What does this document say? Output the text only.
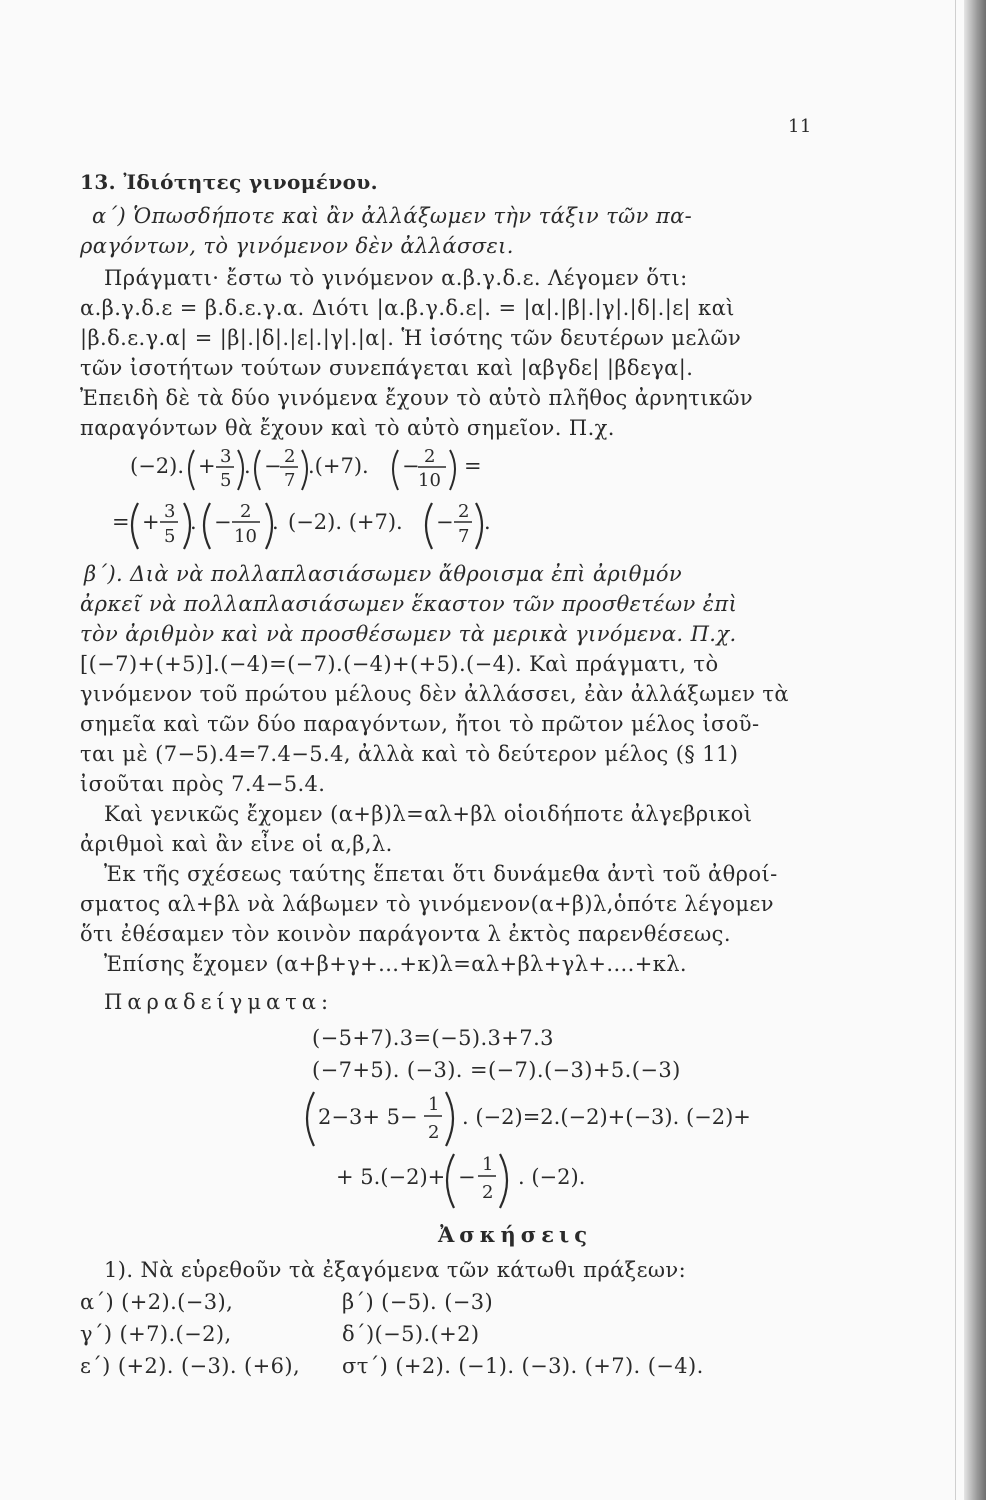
11
13. Ἰδιότητες γινομένου.
α΄) Ὁπωσδήποτε καὶ ἂν ἀλλάξωμεν τὴν τάξιν τῶν πα-
ραγόντων, τὸ γινόμενον δὲν ἀλλάσσει.
Πράγματι· ἔστω τὸ γινόμενον α.β.γ.δ.ε. Λέγομεν ὅτι:
α.β.γ.δ.ε = β.δ.ε.γ.α. Διότι |α.β.γ.δ.ε|. = |α|.|β|.|γ|.|δ|.|ε| καὶ
|β.δ.ε.γ.α| = |β|.|δ|.|ε|.|γ|.|α|. Ἡ ἰσότης τῶν δευτέρων μελῶν
τῶν ἰσοτήτων τούτων συνεπάγεται καὶ |αβγδε| |βδεγα|.
Ἐπειδὴ δὲ τὰ δύο γινόμενα ἔχουν τὸ αὐτὸ πλῆθος ἀρνητικῶν
παραγόντων θὰ ἔχουν καὶ τὸ αὐτὸ σημεῖον. Π.χ.
(−2). + 3
5
. − 2
7
.(+7). − 2
10
=
= + 3
5
. − 2
10
. (−2). (+7). − 2
7
.
β΄). Διὰ νὰ πολλαπλασιάσωμεν ἄθροισμα ἐπὶ ἀριθμόν
ἀρκεῖ νὰ πολλαπλασιάσωμεν ἕκαστον τῶν προσθετέων ἐπὶ
τὸν ἀριθμὸν καὶ νὰ προσθέσωμεν τὰ μερικὰ γινόμενα. Π.χ.
[(−7)+(+5)].(−4)=(−7).(−4)+(+5).(−4). Καὶ πράγματι, τὸ
γινόμενον τοῦ πρώτου μέλους δὲν ἀλλάσσει, ἐὰν ἀλλάξωμεν τὰ
σημεῖα καὶ τῶν δύο παραγόντων, ἤτοι τὸ πρῶτον μέλος ἰσοῦ-
ται μὲ (7−5).4=7.4−5.4, ἀλλὰ καὶ τὸ δεύτερον μέλος (§ 11)
ἰσοῦται πρὸς 7.4−5.4.
Καὶ γενικῶς ἔχομεν (α+β)λ=αλ+βλ οἱοιδήποτε ἀλγεβρικοὶ
ἀριθμοὶ καὶ ἂν εἶνε οἱ α,β,λ.
Ἐκ τῆς σχέσεως ταύτης ἕπεται ὅτι δυνάμεθα ἀντὶ τοῦ ἀθροί-
σματος αλ+βλ νὰ λάβωμεν τὸ γινόμενον(α+β)λ,ὁπότε λέγομεν
ὅτι ἐθέσαμεν τὸν κοινὸν παράγοντα λ ἐκτὸς παρενθέσεως.
Ἐπίσης ἔχομεν (α+β+γ+...+κ)λ=αλ+βλ+γλ+....+κλ.
Παραδείγματα:
(−5+7).3=(−5).3+7.3
(−7+5). (−3). =(−7).(−3)+5.(−3)
2−3+ 5−
1
2
. (−2)=2.(−2)+(−3). (−2)+
+ 5.(−2)+ −
1
2
. (−2).
Ἀσκήσεις
1). Νὰ εὑρεθοῦν τὰ ἐξαγόμενα τῶν κάτωθι πράξεων:
α΄) (+2).(−3),	β΄) (−5). (−3)
γ΄) (+7).(−2),	δ΄)(−5).(+2)
ε΄) (+2). (−3). (+6), στ΄) (+2). (−1). (−3). (+7). (−4).
